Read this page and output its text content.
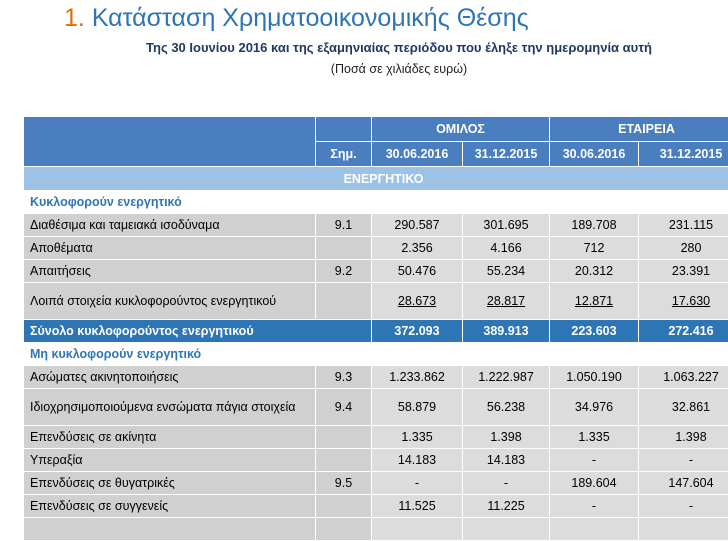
1. Κατάσταση Χρηματοοικονομικής Θέσης
Της 30 Ιουνίου 2016 και της εξαμηνιαίας περιόδου που έληξε την ημερομηνία αυτή
(Ποσά σε χιλιάδες ευρώ)
		ΟΜΙΛΟΣ		ΕΤΑΙΡΕΙΑ	
	Σημ.	30.06.2016	31.12.2015	30.06.2016	31.12.2015
ΕΝΕΡΓΗΤΙΚΟ					
Κυκλοφορούν ενεργητικό					
Διαθέσιμα και ταμειακά ισοδύναμα	9.1	290.587	301.695	189.708	231.115
Αποθέματα		2.356	4.166	712	280
Απαιτήσεις	9.2	50.476	55.234	20.312	23.391
Λοιπά στοιχεία κυκλοφορούντος ενεργητικού		28.673	28.817	12.871	17.630
Σύνολο κυκλοφορούντος ενεργητικού		372.093	389.913	223.603	272.416
Μη κυκλοφορούν ενεργητικό					
Ασώματες ακινητοποιήσεις	9.3	1.233.862	1.222.987	1.050.190	1.063.227
Ιδιοχρησιμοποιούμενα ενσώματα πάγια στοιχεία	9.4	58.879	56.238	34.976	32.861
Επενδύσεις σε ακίνητα		1.335	1.398	1.335	1.398
Υπεραξία		14.183	14.183	-	-
Επενδύσεις σε θυγατρικές	9.5	-	-	189.604	147.604
Επενδύσεις σε συγγενείς		11.525	11.225	-	-
